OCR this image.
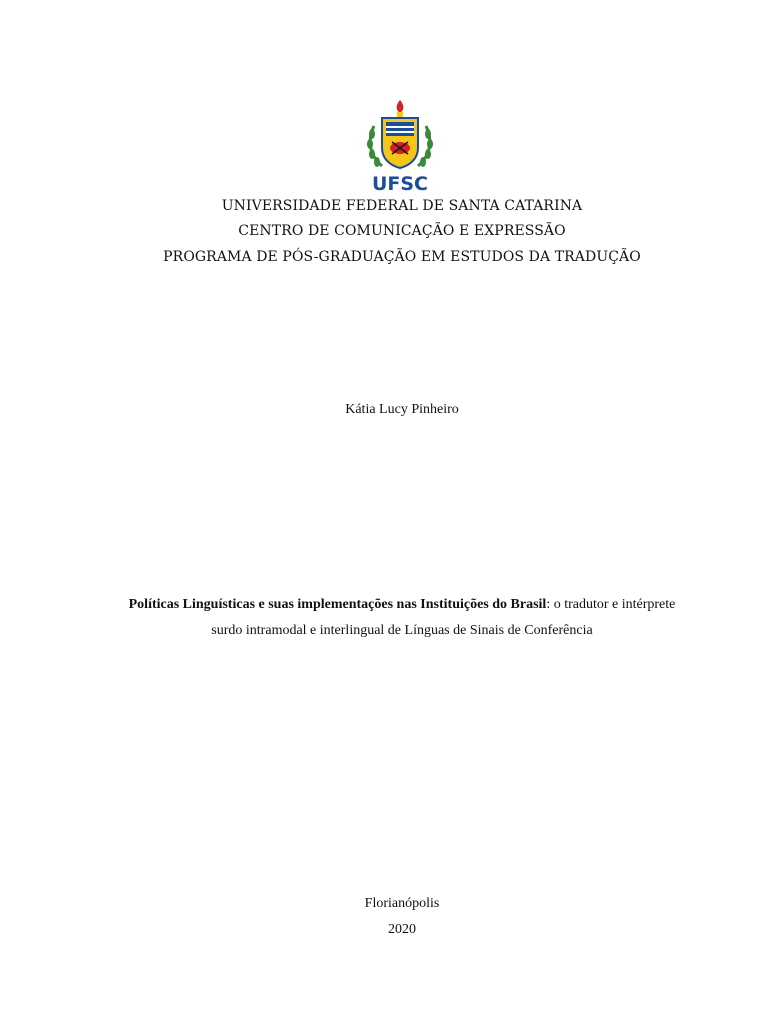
UFSC
UNIVERSIDADE FEDERAL DE SANTA CATARINA
CENTRO DE COMUNICAÇÃO E EXPRESSÃO
PROGRAMA DE PÓS-GRADUAÇÃO EM ESTUDOS DA TRADUÇÃO
Kátia Lucy Pinheiro
Políticas Linguísticas e suas implementações nas Instituições do Brasil: o tradutor e intérprete surdo intramodal e interlingual de Línguas de Sinais de Conferência
Florianópolis
2020
